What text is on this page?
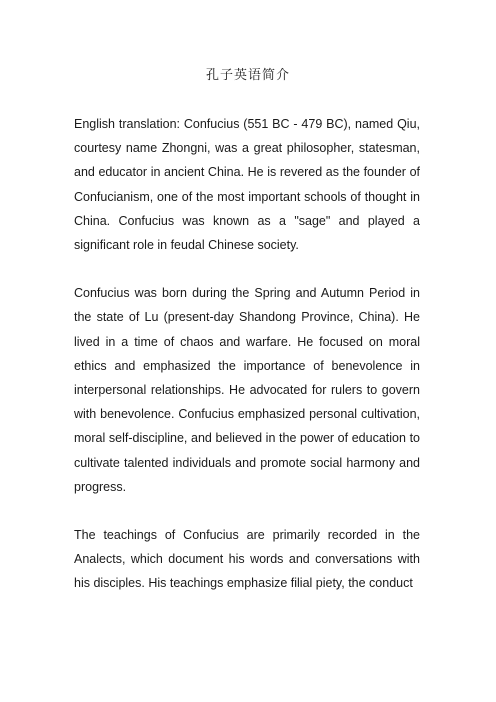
孔子英语简介

English translation: Confucius (551 BC - 479 BC), named Qiu, courtesy name Zhongni, was a great philosopher, statesman, and educator in ancient China. He is revered as the founder of Confucianism, one of the most important schools of thought in China. Confucius was known as a "sage" and played a significant role in feudal Chinese society.

Confucius was born during the Spring and Autumn Period in the state of Lu (present-day Shandong Province, China). He lived in a time of chaos and warfare. He focused on moral ethics and emphasized the importance of benevolence in interpersonal relationships. He advocated for rulers to govern with benevolence. Confucius emphasized personal cultivation, moral self-discipline, and believed in the power of education to cultivate talented individuals and promote social harmony and progress.

The teachings of Confucius are primarily recorded in the Analects, which document his words and conversations with his disciples. His teachings emphasize filial piety, the conduct
